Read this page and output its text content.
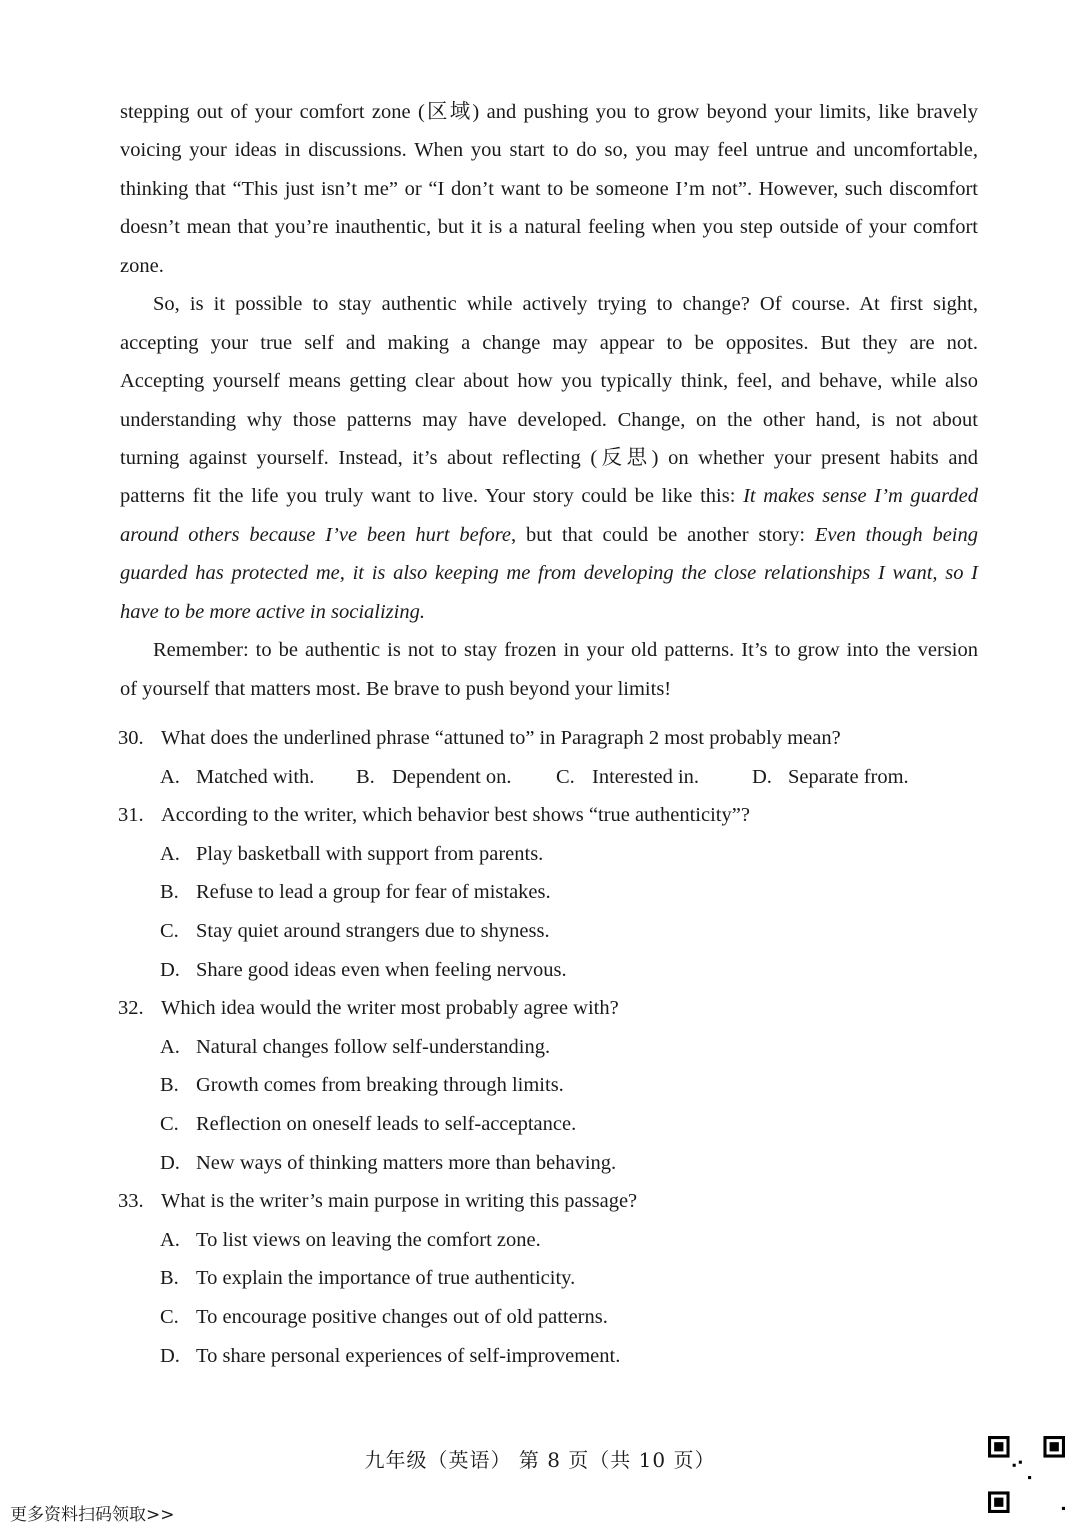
stepping out of your comfort zone (区域) and pushing you to grow beyond your limits, like bravely
voicing your ideas in discussions. When you start to do so, you may feel untrue and uncomfortable,
thinking that “This just isn’t me” or “I don’t want to be someone I’m not”. However, such discomfort
doesn’t mean that you’re inauthentic, but it is a natural feeling when you step outside of your comfort
zone.
So, is it possible to stay authentic while actively trying to change? Of course. At first sight,
accepting your true self and making a change may appear to be opposites. But they are not.
Accepting yourself means getting clear about how you typically think, feel, and behave, while also
understanding why those patterns may have developed. Change, on the other hand, is not about
turning against yourself. Instead, it’s about reflecting (反思) on whether your present habits and
patterns fit the life you truly want to live. Your story could be like this: It makes sense I’m guarded
around others because I’ve been hurt before, but that could be another story: Even though being
guarded has protected me, it is also keeping me from developing the close relationships I want, so I
have to be more active in socializing.
Remember: to be authentic is not to stay frozen in your old patterns. It’s to grow into the version
of yourself that matters most. Be brave to push beyond your limits!
30. What does the underlined phrase “attuned to” in Paragraph 2 most probably mean?
A. Matched with. B. Dependent on. C. Interested in.	D. Separate from.
31. According to the writer, which behavior best shows “true authenticity”?
A. Play basketball with support from parents.
B. Refuse to lead a group for fear of mistakes.
C. Stay quiet around strangers due to shyness.
D. Share good ideas even when feeling nervous.
32. Which idea would the writer most probably agree with?
A. Natural changes follow self-understanding.
B. Growth comes from breaking through limits.
C. Reflection on oneself leads to self-acceptance.
D. New ways of thinking matters more than behaving.
33. What is the writer’s main purpose in writing this passage?
A. To list views on leaving the comfort zone.
B. To explain the importance of true authenticity.
C. To encourage positive changes out of old patterns.
D. To share personal experiences of self-improvement.
九年级（英语） 第 8 页（共 10 页）
更多资料扫码领取>>
